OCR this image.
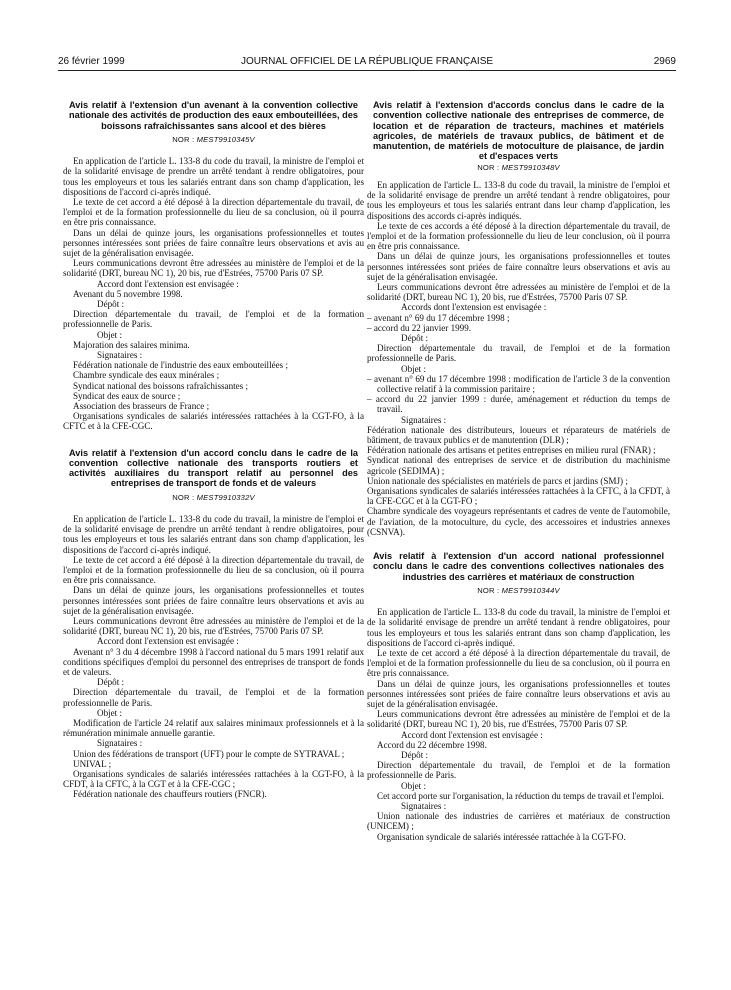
26 février 1999	JOURNAL OFFICIEL DE LA RÉPUBLIQUE FRANÇAISE	2969
Avis relatif à l'extension d'un avenant à la convention collective nationale des activités de production des eaux embouteillées, des boissons rafraîchissantes sans alcool et des bières
NOR : MEST9910345V

En application de l'article L. 133-8 du code du travail, la ministre de l'emploi et de la solidarité envisage de prendre un arrêté tendant à rendre obligatoires, pour tous les employeurs et tous les salariés entrant dans son champ d'application, les dispositions de l'accord ci-après indiqué.

Le texte de cet accord a été déposé à la direction départementale du travail, de l'emploi et de la formation professionnelle du lieu de sa conclusion, où il pourra en être pris connaissance.

Dans un délai de quinze jours, les organisations professionnelles et toutes personnes intéressées sont priées de faire connaître leurs observations et avis au sujet de la généralisation envisagée.

Leurs communications devront être adressées au ministère de l'emploi et de la solidarité (DRT, bureau NC 1), 20 bis, rue d'Estrées, 75700 Paris 07 SP.

Accord dont l'extension est envisagée :

Avenant du 5 novembre 1998.

Dépôt :

Direction départementale du travail, de l'emploi et de la formation professionnelle de Paris.

Objet :

Majoration des salaires minima.

Signataires :

Fédération nationale de l'industrie des eaux embouteillées ;

Chambre syndicale des eaux minérales ;

Syndicat national des boissons rafraîchissantes ;

Syndicat des eaux de source ;

Association des brasseurs de France ;

Organisations syndicales de salariés intéressées rattachées à la CGT-FO, à la CFTC et à la CFE-CGC.

Avis relatif à l'extension d'un accord conclu dans le cadre de la convention collective nationale des transports routiers et activités auxiliaires du transport relatif au personnel des entreprises de transport de fonds et de valeurs
NOR : MEST9910332V

En application de l'article L. 133-8 du code du travail, la ministre de l'emploi et de la solidarité envisage de prendre un arrêté tendant à rendre obligatoires, pour tous les employeurs et tous les salariés entrant dans son champ d'application, les dispositions de l'accord ci-après indiqué.

Le texte de cet accord a été déposé à la direction départementale du travail, de l'emploi et de la formation professionnelle du lieu de sa conclusion, où il pourra en être pris connaissance.

Dans un délai de quinze jours, les organisations professionnelles et toutes personnes intéressées sont priées de faire connaître leurs observations et avis au sujet de la généralisation envisagée.

Leurs communications devront être adressées au ministère de l'emploi et de la solidarité (DRT, bureau NC 1), 20 bis, rue d'Estrées, 75700 Paris 07 SP.

Accord dont l'extension est envisagée :

Avenant n° 3 du 4 décembre 1998 à l'accord national du 5 mars 1991 relatif aux conditions spécifiques d'emploi du personnel des entreprises de transport de fonds et de valeurs.

Dépôt :

Direction départementale du travail, de l'emploi et de la formation professionnelle de Paris.

Objet :

Modification de l'article 24 relatif aux salaires minimaux professionnels et à la rémunération minimale annuelle garantie.

Signataires :

Union des fédérations de transport (UFT) pour le compte de SYTRAVAL ;

UNIVAL ;

Organisations syndicales de salariés intéressées rattachées à la CGT-FO, à la CFDT, à la CFTC, à la CGT et à la CFE-CGC ;

Fédération nationale des chauffeurs routiers (FNCR).

Avis relatif à l'extension d'accords conclus dans le cadre de la convention collective nationale des entreprises de commerce, de location et de réparation de tracteurs, machines et matériels agricoles, de matériels de travaux publics, de bâtiment et de manutention, de matériels de motoculture de plaisance, de jardin et d'espaces verts
NOR : MEST9910348V

En application de l'article L. 133-8 du code du travail, la ministre de l'emploi et de la solidarité envisage de prendre un arrêté tendant à rendre obligatoires, pour tous les employeurs et tous les salariés entrant dans leur champ d'application, les dispositions des accords ci-après indiqués.

Le texte de ces accords a été déposé à la direction départementale du travail, de l'emploi et de la formation professionnelle du lieu de leur conclusion, où il pourra en être pris connaissance.

Dans un délai de quinze jours, les organisations professionnelles et toutes personnes intéressées sont priées de faire connaître leurs observations et avis au sujet de la généralisation envisagée.

Leurs communications devront être adressées au ministère de l'emploi et de la solidarité (DRT, bureau NC 1), 20 bis, rue d'Estrées, 75700 Paris 07 SP.

Accords dont l'extension est envisagée :

– avenant n° 69 du 17 décembre 1998 ;

– accord du 22 janvier 1999.

Dépôt :

Direction départementale du travail, de l'emploi et de la formation professionnelle de Paris.

Objet :

– avenant n° 69 du 17 décembre 1998 : modification de l'article 3 de la convention collective relatif à la commission paritaire ;

– accord du 22 janvier 1999 : durée, aménagement et réduction du temps de travail.

Signataires :

Fédération nationale des distributeurs, loueurs et réparateurs de matériels de bâtiment, de travaux publics et de manutention (DLR) ;

Fédération nationale des artisans et petites entreprises en milieu rural (FNAR) ;

Syndicat national des entreprises de service et de distribution du machinisme agricole (SEDIMA) ;

Union nationale des spécialistes en matériels de parcs et jardins (SMJ) ;

Organisations syndicales de salariés intéressées rattachées à la CFTC, à la CFDT, à la CFE-CGC et à la CGT-FO ;

Chambre syndicale des voyageurs représentants et cadres de vente de l'automobile, de l'aviation, de la motoculture, du cycle, des accessoires et industries annexes (CSNVA).

Avis relatif à l'extension d'un accord national professionnel conclu dans le cadre des conventions collectives nationales des industries des carrières et matériaux de construction
NOR : MEST9910344V

En application de l'article L. 133-8 du code du travail, la ministre de l'emploi et de la solidarité envisage de prendre un arrêté tendant à rendre obligatoires, pour tous les employeurs et tous les salariés entrant dans son champ d'application, les dispositions de l'accord ci-après indiqué.

Le texte de cet accord a été déposé à la direction départementale du travail, de l'emploi et de la formation professionnelle du lieu de sa conclusion, où il pourra en être pris connaissance.

Dans un délai de quinze jours, les organisations professionnelles et toutes personnes intéressées sont priées de faire connaître leurs observations et avis au sujet de la généralisation envisagée.

Leurs communications devront être adressées au ministère de l'emploi et de la solidarité (DRT, bureau NC 1), 20 bis, rue d'Estrées, 75700 Paris 07 SP.

Accord dont l'extension est envisagée :

Accord du 22 décembre 1998.

Dépôt :

Direction départementale du travail, de l'emploi et de la formation professionnelle de Paris.

Objet :

Cet accord porte sur l'organisation, la réduction du temps de travail et l'emploi.

Signataires :

Union nationale des industries de carrières et matériaux de construction (UNICEM) ;

Organisation syndicale de salariés intéressée rattachée à la CGT-FO.
